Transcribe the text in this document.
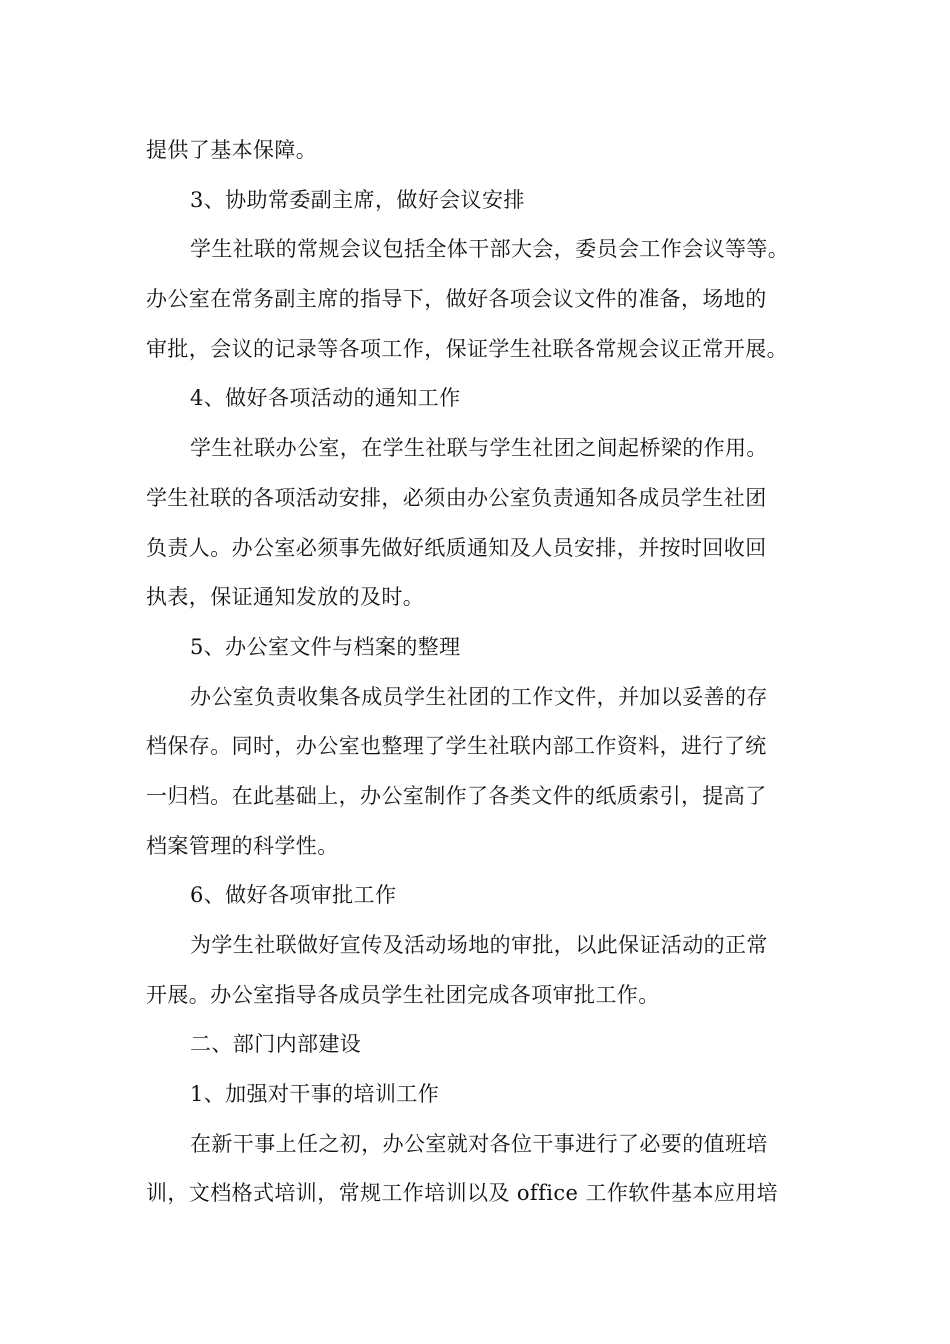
提供了基本保障。
3、协助常委副主席，做好会议安排
学生社联的常规会议包括全体干部大会，委员会工作会议等等。
办公室在常务副主席的指导下，做好各项会议文件的准备，场地的
审批，会议的记录等各项工作，保证学生社联各常规会议正常开展。
4、做好各项活动的通知工作
学生社联办公室，在学生社联与学生社团之间起桥梁的作用。
学生社联的各项活动安排，必须由办公室负责通知各成员学生社团
负责人。办公室必须事先做好纸质通知及人员安排，并按时回收回
执表，保证通知发放的及时。
5、办公室文件与档案的整理
办公室负责收集各成员学生社团的工作文件，并加以妥善的存
档保存。同时，办公室也整理了学生社联内部工作资料，进行了统
一归档。在此基础上，办公室制作了各类文件的纸质索引，提高了
档案管理的科学性。
6、做好各项审批工作
为学生社联做好宣传及活动场地的审批，以此保证活动的正常
开展。办公室指导各成员学生社团完成各项审批工作。
二、部门内部建设
1、加强对干事的培训工作
在新干事上任之初，办公室就对各位干事进行了必要的值班培
训，文档格式培训，常规工作培训以及 office 工作软件基本应用培
